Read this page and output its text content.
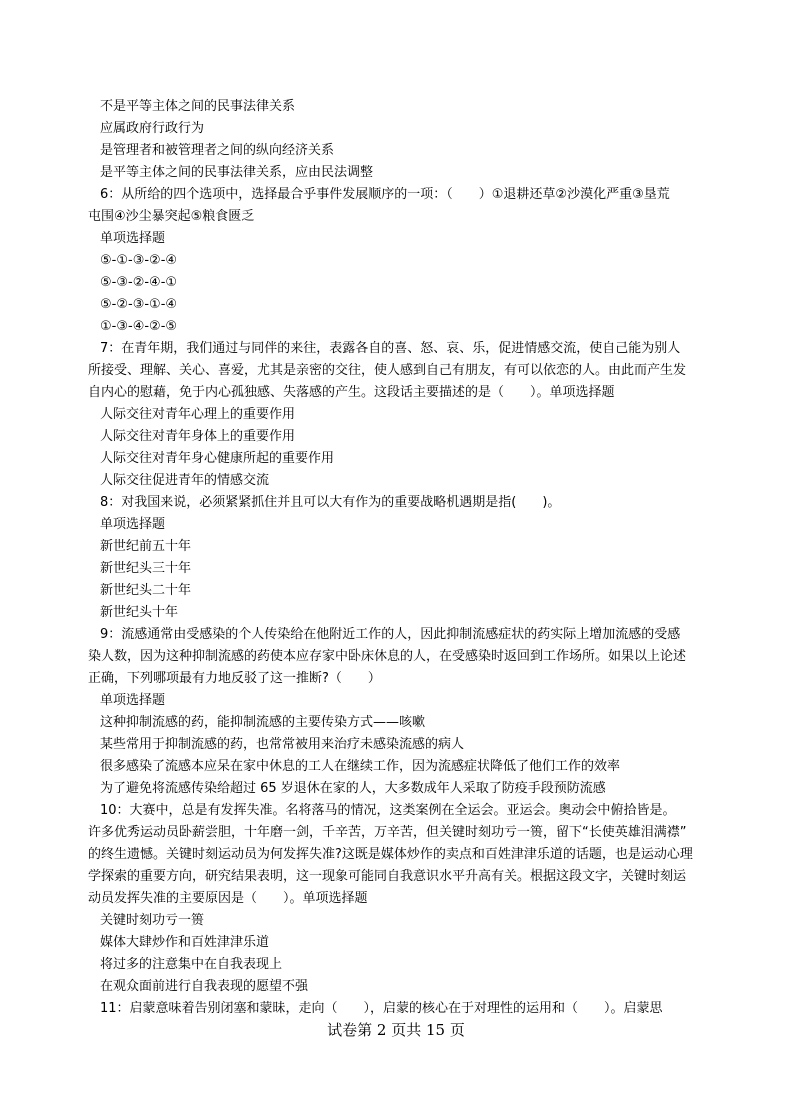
不是平等主体之间的民事法律关系
应属政府行政行为
是管理者和被管理者之间的纵向经济关系
是平等主体之间的民事法律关系，应由民法调整
6：从所给的四个选项中，选择最合乎事件发展顺序的一项：（　　）①退耕还草②沙漠化严重③垦荒
屯围④沙尘暴突起⑤粮食匮乏
单项选择题
⑤-①-③-②-④
⑤-③-②-④-①
⑤-②-③-①-④
①-③-④-②-⑤
7：在青年期，我们通过与同伴的来往，表露各自的喜、怒、哀、乐，促进情感交流，使自己能为别人
所接受、理解、关心、喜爱，尤其是亲密的交往，使人感到自己有朋友，有可以依恋的人。由此而产生发
自内心的慰藉，免于内心孤独感、失落感的产生。这段话主要描述的是（　　）。单项选择题
人际交往对青年心理上的重要作用
人际交往对青年身体上的重要作用
人际交往对青年身心健康所起的重要作用
人际交往促进青年的情感交流
8：对我国来说，必须紧紧抓住并且可以大有作为的重要战略机遇期是指(　　)。
单项选择题
新世纪前五十年
新世纪头三十年
新世纪头二十年
新世纪头十年
9：流感通常由受感染的个人传染给在他附近工作的人，因此抑制流感症状的药实际上增加流感的受感
染人数，因为这种抑制流感的药使本应存家中卧床休息的人，在受感染时返回到工作场所。如果以上论述
正确，下列哪项最有力地反驳了这一推断?（　　）
单项选择题
这种抑制流感的药，能抑制流感的主要传染方式——咳嗽
某些常用于抑制流感的药，也常常被用来治疗未感染流感的病人
很多感染了流感本应呆在家中休息的工人在继续工作，因为流感症状降低了他们工作的效率
为了避免将流感传染给超过 65 岁退休在家的人，大多数成年人采取了防疫手段预防流感
10：大赛中，总是有发挥失准。名将落马的情况，这类案例在全运会。亚运会。奥动会中俯拾皆是。
许多优秀运动员卧薪尝胆，十年磨一剑，千辛苦，万辛苦，但关键时刻功亏一篑，留下“长使英雄泪满襟”
的终生遗憾。关键时刻运动员为何发挥失准?这既是媒体炒作的卖点和百姓津津乐道的话题，也是运动心理
学探索的重要方向，研究结果表明，这一现象可能同自我意识水平升高有关。根据这段文字，关键时刻运
动员发挥失准的主要原因是（　　）。单项选择题
关键时刻功亏一篑
媒体大肆炒作和百姓津津乐道
将过多的注意集中在自我表现上
在观众面前进行自我表现的愿望不强
11：启蒙意味着告别闭塞和蒙昧，走向（　　），启蒙的核心在于对理性的运用和（　　）。启蒙思
试卷第 2 页共 15 页
